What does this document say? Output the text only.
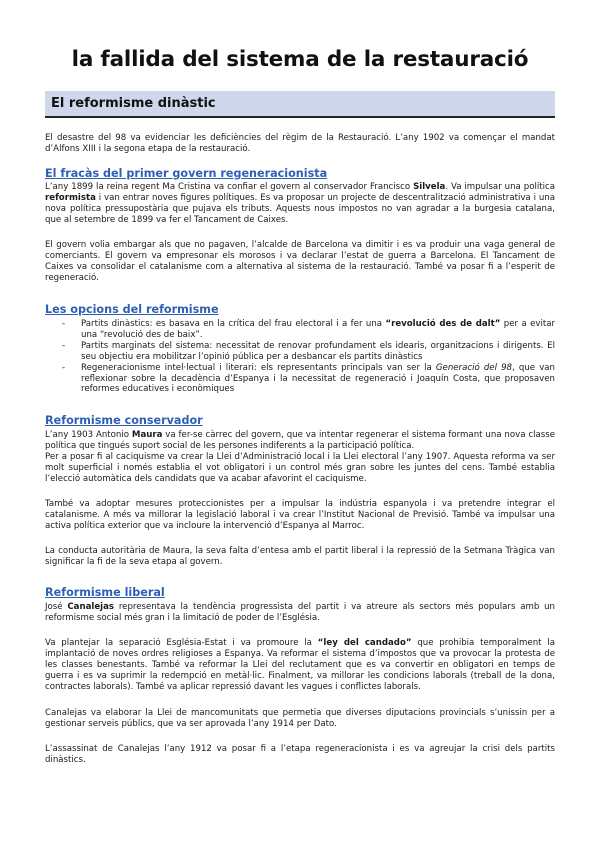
la fallida del sistema de la restauració
El reformisme dinàstic
El desastre del 98 va evidenciar les deficiències del règim de la Restauració. L’any 1902 va començar el mandat d’Alfons XIII i la segona etapa de la restauració.
El fracàs del primer govern regeneracionista
L’any 1899 la reina regent Ma Cristina va confiar el govern al conservador Francisco Silvela. Va impulsar una política reformista i van entrar noves figures polítiques. Es va proposar un projecte de descentralització administrativa i una nova política pressupostària que pujava els tributs. Aquests nous impostos no van agradar a la burgesia catalana, que al setembre de 1899 va fer el Tancament de Caixes.
El govern volia embargar als que no pagaven, l’alcalde de Barcelona va dimitir i es va produir una vaga general de comerciants. El govern va empresonar els morosos i va declarar l’estat de guerra a Barcelona. El Tancament de Caixes va consolidar el catalanisme com a alternativa al sistema de la restauració. També va posar fi a l’esperit de regeneració.
Les opcions del reformisme
- Partits dinàstics: es basava en la crítica del frau electoral i a fer una “revolució des de dalt” per a evitar una “revolució des de baix”.
- Partits marginats del sistema: necessitat de renovar profundament els idearis, organitzacions i dirigents. El seu objectiu era mobilitzar l’opinió pública per a desbancar els partits dinàstics
- Regeneracionisme intel·lectual i literari: els representants principals van ser la Generació del 98, que van reflexionar sobre la decadència d’Espanya i la necessitat de regeneració i Joaquín Costa, que proposaven reformes educatives i econòmiques
Reformisme conservador
L’any 1903 Antonio Maura va fer-se càrrec del govern, que va intentar regenerar el sistema formant una nova classe política que tingués suport social de les persones indiferents a la participació política.
Per a posar fi al caciquisme va crear la Llei d’Administració local i la Llei electoral l’any 1907. Aquesta reforma va ser molt superficial i només establia el vot obligatori i un control més gran sobre les juntes del cens. També establia l’elecció automàtica dels candidats que va acabar afavorint el caciquisme.
També va adoptar mesures proteccionistes per a impulsar la indústria espanyola i va pretendre integrar el catalanisme. A més va millorar la legislació laboral i va crear l’Institut Nacional de Previsió. També va impulsar una activa política exterior que va incloure la intervenció d’Espanya al Marroc.
La conducta autoritària de Maura, la seva falta d’entesa amb el partit liberal i la repressió de la Setmana Tràgica van significar la fi de la seva etapa al govern.
Reformisme liberal
José Canalejas representava la tendència progressista del partit i va atreure als sectors més populars amb un reformisme social més gran i la limitació de poder de l’Església.
Va plantejar la separació Església-Estat i va promoure la “ley del candado” que prohibia temporalment la implantació de noves ordres religioses a Espanya. Va reformar el sistema d’impostos que va provocar la protesta de les classes benestants. També va reformar la Llei del reclutament que es va convertir en obligatori en temps de guerra i es va suprimir la redempció en metàl·lic. Finalment, va millorar les condicions laborals (treball de la dona, contractes laborals). També va aplicar repressió davant les vagues i conflictes laborals.
Canalejas va elaborar la Llei de mancomunitats que permetia que diverses diputacions provincials s’unissin per a gestionar serveis públics, que va ser aprovada l’any 1914 per Dato.
L’assassinat de Canalejas l’any 1912 va posar fi a l’etapa regeneracionista i es va agreujar la crisi dels partits dinàstics.
